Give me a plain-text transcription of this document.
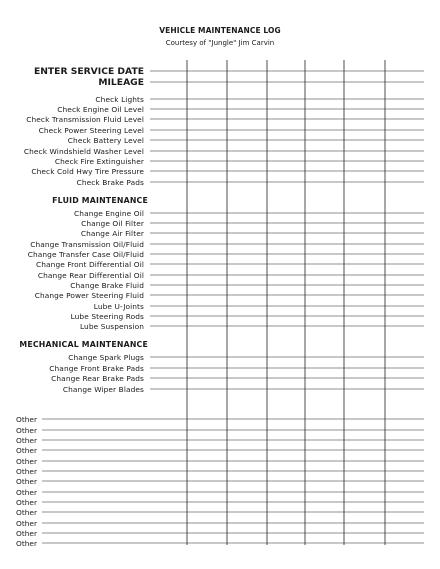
VEHICLE MAINTENANCE LOG
Courtesy of "Jungle" Jim Carvin
ENTER SERVICE DATE
MILEAGE
Check Lights
Check Engine Oil Level
Check Transmission Fluid Level
Check Power Steering Level
Check Battery Level
Check Windshield Washer Level
Check Fire Extinguisher
Check Cold Hwy Tire Pressure
Check Brake Pads
FLUID MAINTENANCE
Change Engine Oil
Change Oil Filter
Change Air Filter
Change Transmission Oil/Fluid
Change Transfer Case Oil/Fluid
Change Front Differential Oil
Change Rear Differential Oil
Change Brake Fluid
Change Power Steering Fluid
Lube U-Joints
Lube Steering Rods
Lube Suspension
MECHANICAL MAINTENANCE
Change Spark Plugs
Change Front Brake Pads
Change Rear Brake Pads
Change Wiper Blades
Other
Other
Other
Other
Other
Other
Other
Other
Other
Other
Other
Other
Other
